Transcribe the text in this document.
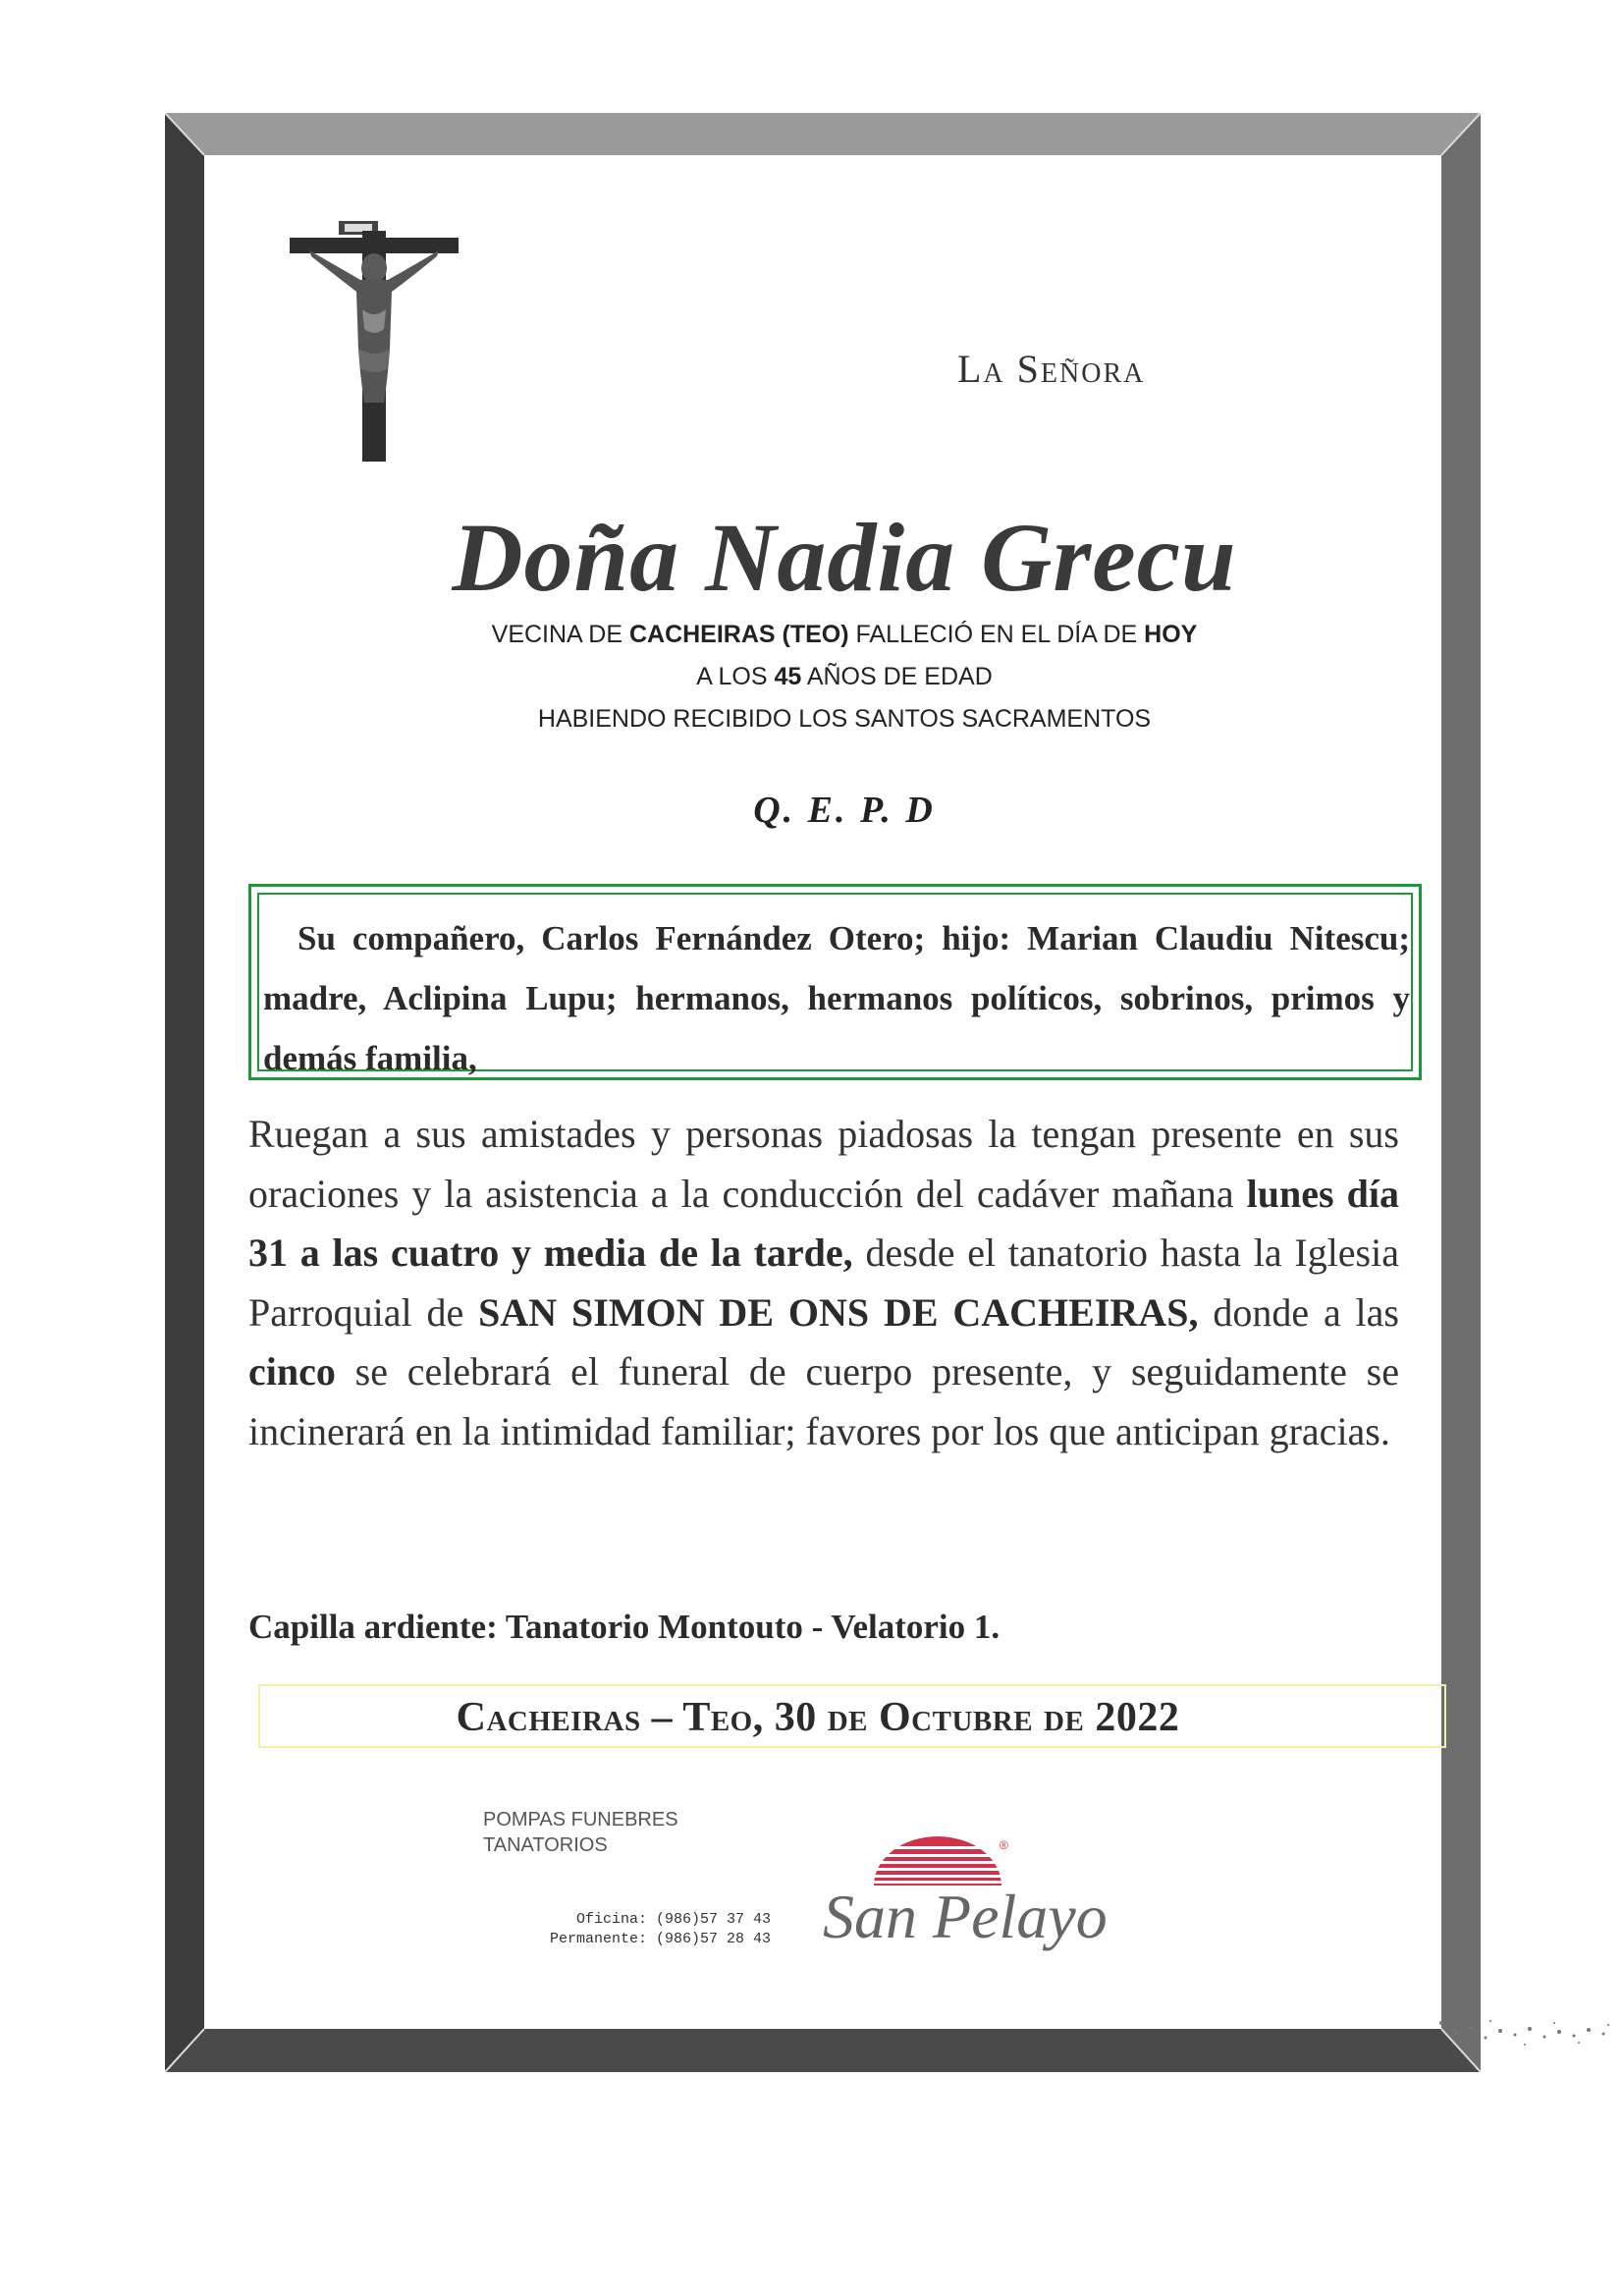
La Señora
Doña Nadia Grecu
VECINA DE CACHEIRAS (TEO) FALLECIÓ EN EL DÍA DE HOY
A LOS 45 AÑOS DE EDAD
HABIENDO RECIBIDO LOS SANTOS SACRAMENTOS
Q. E. P. D
 Su compañero, Carlos Fernández Otero; hijo: Marian Claudiu Nitescu; madre, Aclipina Lupu; hermanos, hermanos políticos, sobrinos, primos y demás familia,
Ruegan a sus amistades y personas piadosas la tengan presente en sus oraciones y la asistencia a la conducción del cadáver mañana lunes día 31 a las cuatro y media de la tarde, desde el tanatorio hasta la Iglesia Parroquial de SAN SIMON DE ONS DE CACHEIRAS, donde a las cinco se celebrará el funeral de cuerpo presente, y seguidamente se incinerará en la intimidad familiar; favores por los que anticipan gracias.
Capilla ardiente: Tanatorio Montouto - Velatorio 1.
Cacheiras – Teo, 30 de Octubre de 2022
POMPAS FUNEBRES
TANATORIOS
Oficina: (986)57 37 43
Permanente: (986)57 28 43
®
San Pelayo
